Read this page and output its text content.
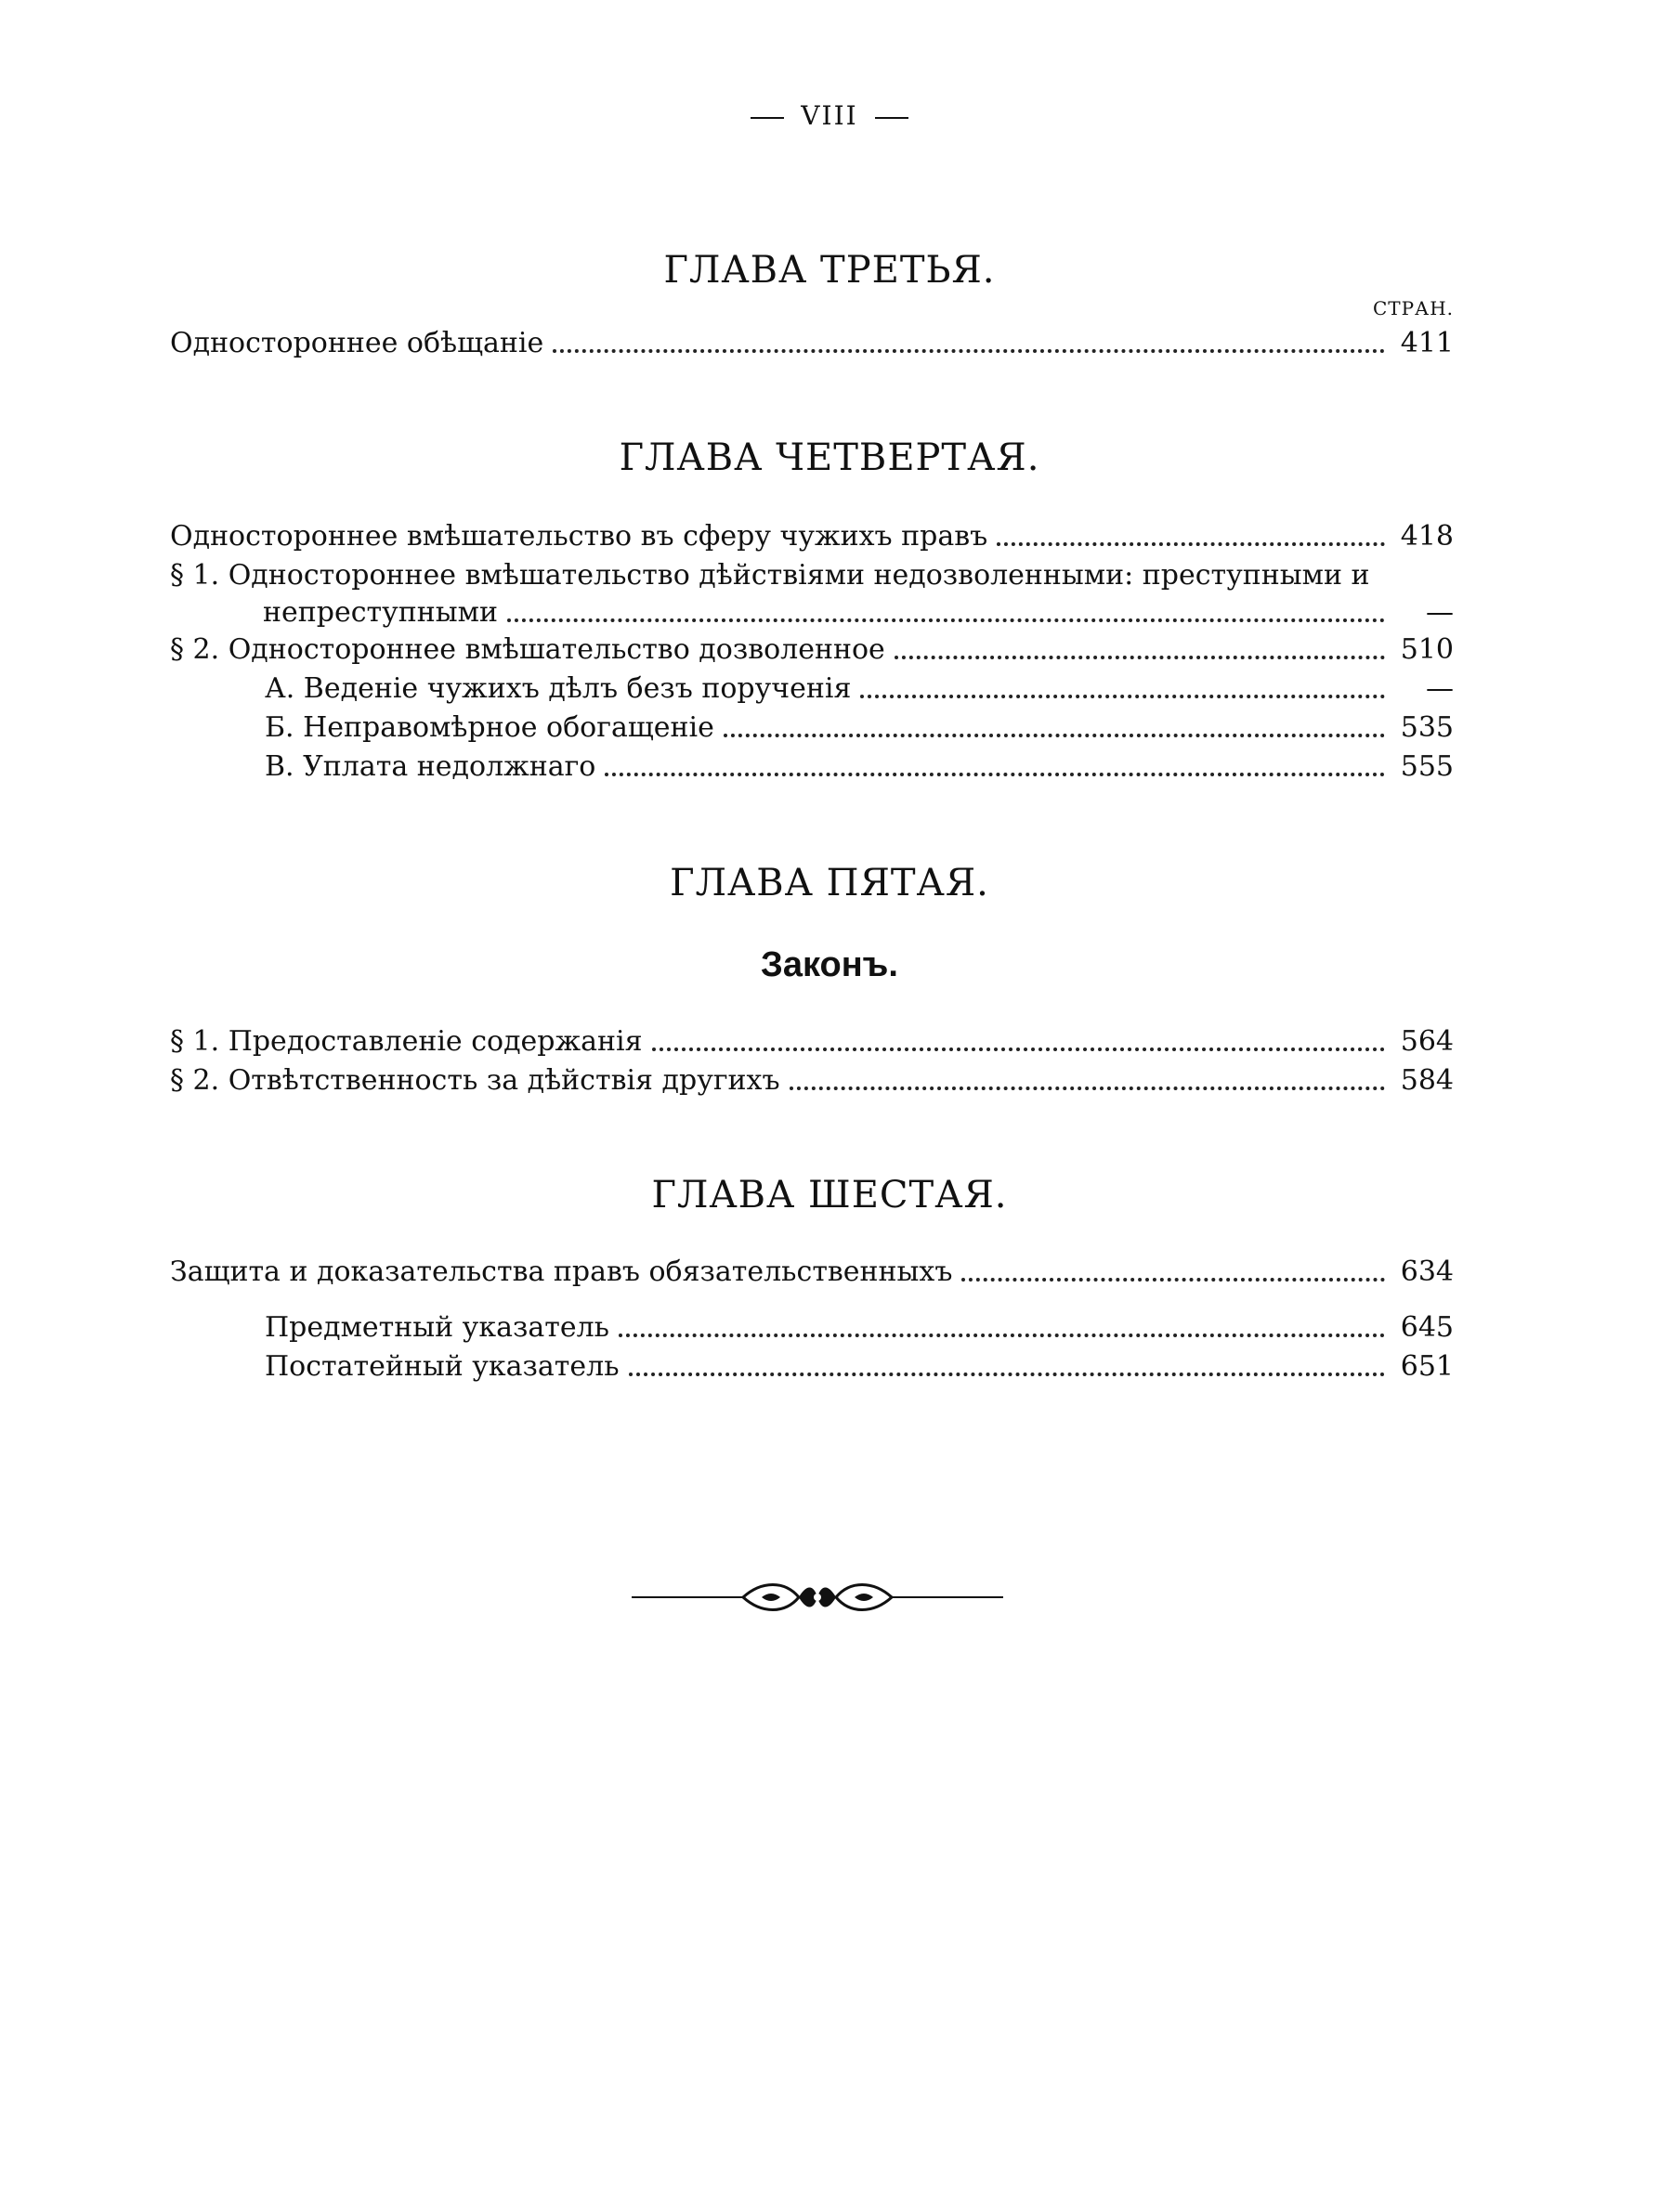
VIII
ГЛАВА ТРЕТЬЯ.
СТРАН.
Одностороннее обѣщаніе	411
ГЛАВА ЧЕТВЕРТАЯ.
Одностороннее вмѣшательство въ сферу чужихъ правъ	418
§ 1. Одностороннее вмѣшательство дѣйствіями недозволенными: преступными и
непреступными	—
§ 2. Одностороннее вмѣшательство дозволенное	510
А. Веденіе чужихъ дѣлъ безъ порученія	—
Б. Неправомѣрное обогащеніе	535
В. Уплата недолжнаго	555
ГЛАВА ПЯТАЯ.
Законъ.
§ 1. Предоставленіе содержанія	564
§ 2. Отвѣтственность за дѣйствія другихъ	584
ГЛАВА ШЕСТАЯ.
Защита и доказательства правъ обязательственныхъ	634
Предметный указатель	645
Постатейный указатель	651
